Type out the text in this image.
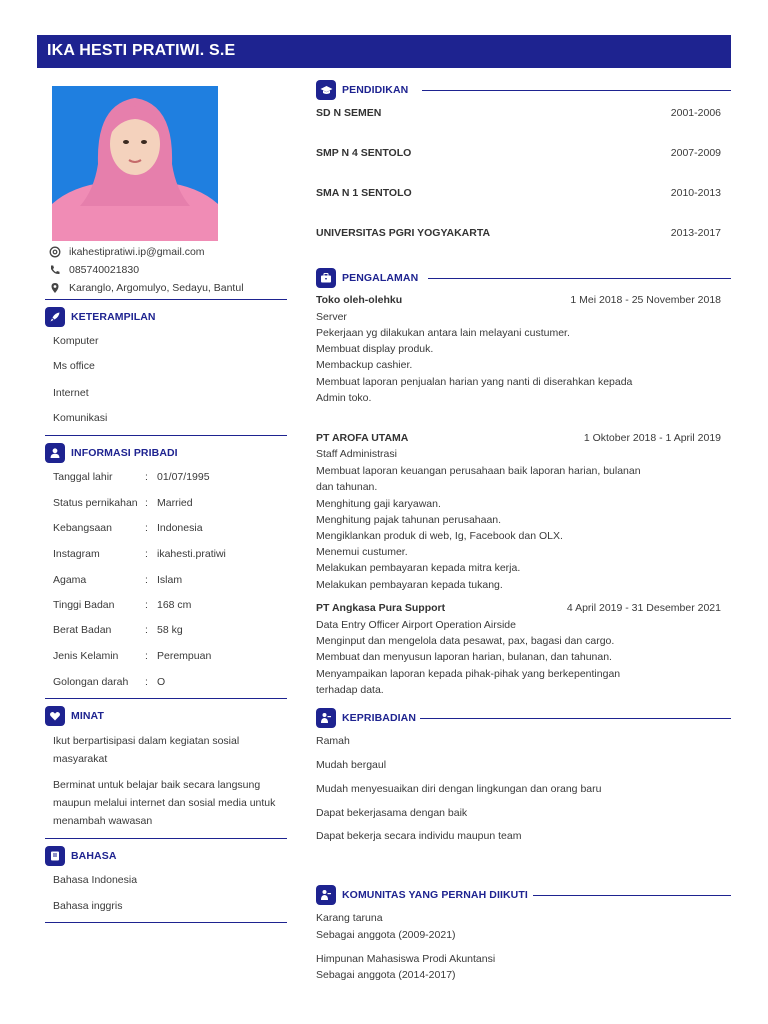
IKA HESTI PRATIWI. S.E
ikahestipratiwi.ip@gmail.com
085740021830
Karanglo, Argomulyo, Sedayu, Bantul
KETERAMPILAN
Komputer
Ms office
Internet
Komunikasi
INFORMASI PRIBADI
Tanggal lahir	: 01/07/1995
Status pernikahan : Married
Kebangsaan	: Indonesia
Instagram	: ikahesti.pratiwi
Agama	: Islam
Tinggi Badan	: 168 cm
Berat Badan	: 58 kg
Jenis Kelamin	: Perempuan
Golongan darah : O
MINAT
Ikut berpartisipasi dalam kegiatan sosial
masyarakat
Berminat untuk belajar baik secara langsung
maupun melalui internet dan sosial media untuk
menambah wawasan
BAHASA
Bahasa Indonesia
Bahasa inggris
PENDIDIKAN
SD N SEMEN	2001-2006
SMP N 4 SENTOLO	2007-2009
SMA N 1 SENTOLO	2010-2013
UNIVERSITAS PGRI YOGYAKARTA	2013-2017
PENGALAMAN
Toko oleh-olehku	1 Mei 2018 - 25 November 2018
Server
Pekerjaan yg dilakukan antara lain melayani custumer.
Membuat display produk.
Membackup cashier.
Membuat laporan penjualan harian yang nanti di diserahkan kepada
Admin toko.
PT AROFA UTAMA	1 Oktober 2018 - 1 April 2019
Staff Administrasi
Membuat laporan keuangan perusahaan baik laporan harian, bulanan
dan tahunan.
Menghitung gaji karyawan.
Menghitung pajak tahunan perusahaan.
Mengiklankan produk di web, Ig, Facebook dan OLX.
Menemui custumer.
Melakukan pembayaran kepada mitra kerja.
Melakukan pembayaran kepada tukang.
PT Angkasa Pura Support	4 April 2019 - 31 Desember 2021
Data Entry Officer Airport Operation Airside
Menginput dan mengelola data pesawat, pax, bagasi dan cargo.
Membuat dan menyusun laporan harian, bulanan, dan tahunan.
Menyampaikan laporan kepada pihak-pihak yang berkepentingan
terhadap data.
KEPRIBADIAN
Ramah
Mudah bergaul
Mudah menyesuaikan diri dengan lingkungan dan orang baru
Dapat bekerjasama dengan baik
Dapat bekerja secara individu maupun team
KOMUNITAS YANG PERNAH DIIKUTI
Karang taruna
Sebagai anggota (2009-2021)
Himpunan Mahasiswa Prodi Akuntansi
Sebagai anggota (2014-2017)
